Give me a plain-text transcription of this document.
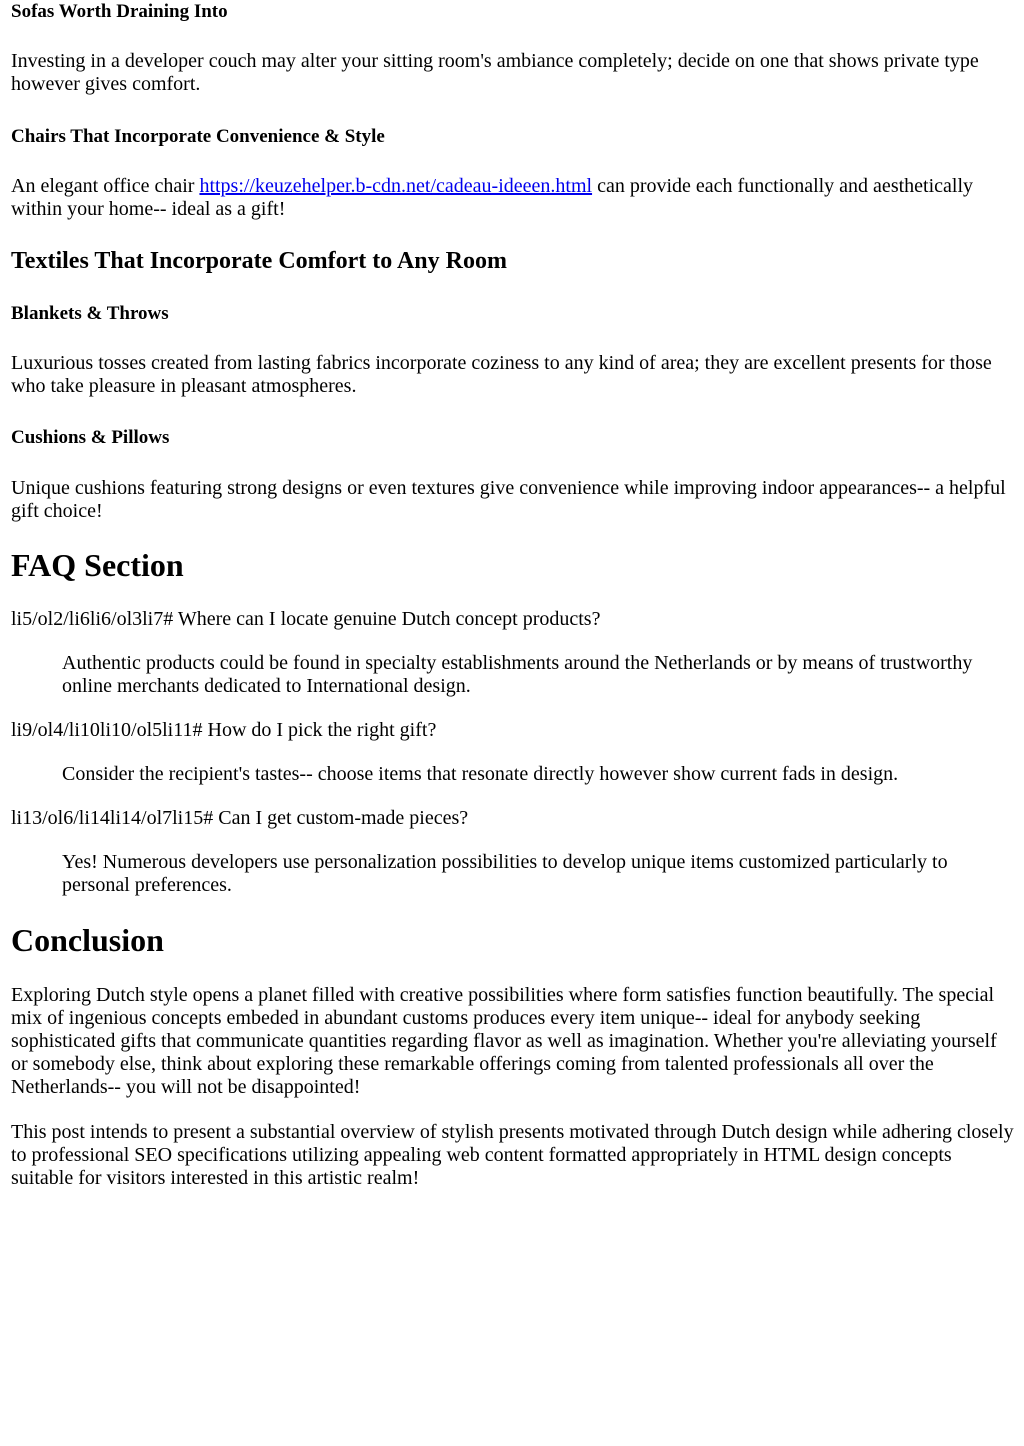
Sofas Worth Draining Into

Investing in a developer couch may alter your sitting room's ambiance completely; decide on one that shows private type however gives comfort.

Chairs That Incorporate Convenience & Style

An elegant office chair https://keuzehelper.b-cdn.net/cadeau-ideeen.html can provide each functionally and aesthetically within your home-- ideal as a gift!

Textiles That Incorporate Comfort to Any Room
Blankets & Throws

Luxurious tosses created from lasting fabrics incorporate coziness to any kind of area; they are excellent presents for those who take pleasure in pleasant atmospheres.

Cushions & Pillows

Unique cushions featuring strong designs or even textures give convenience while improving indoor appearances-- a helpful gift choice!

FAQ Section

li5/ol2/li6li6/ol3li7# Where can I locate genuine Dutch concept products?

Authentic products could be found in specialty establishments around the Netherlands or by means of trustworthy online merchants dedicated to International design.

li9/ol4/li10li10/ol5li11# How do I pick the right gift?

Consider the recipient's tastes-- choose items that resonate directly however show current fads in design.

li13/ol6/li14li14/ol7li15# Can I get custom-made pieces?

Yes! Numerous developers use personalization possibilities to develop unique items customized particularly to personal preferences.

Conclusion

Exploring Dutch style opens a planet filled with creative possibilities where form satisfies function beautifully. The special mix of ingenious concepts embeded in abundant customs produces every item unique-- ideal for anybody seeking sophisticated gifts that communicate quantities regarding flavor as well as imagination. Whether you're alleviating yourself or somebody else, think about exploring these remarkable offerings coming from talented professionals all over the Netherlands-- you will not be disappointed!

This post intends to present a substantial overview of stylish presents motivated through Dutch design while adhering closely to professional SEO specifications utilizing appealing web content formatted appropriately in HTML design concepts suitable for visitors interested in this artistic realm!
